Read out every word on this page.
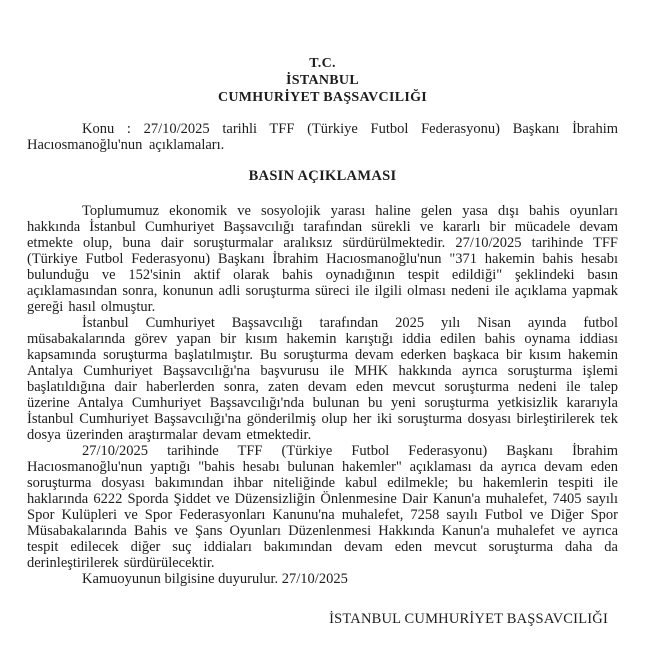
T.C.
İSTANBUL
CUMHURİYET BAŞSAVCILIĞI

Konu : 27/10/2025 tarihli TFF (Türkiye Futbol Federasyonu) Başkanı İbrahim Hacıosmanoğlu'nun açıklamaları.

BASIN AÇIKLAMASI

Toplumumuz ekonomik ve sosyolojik yarası haline gelen yasa dışı bahis oyunları hakkında İstanbul Cumhuriyet Başsavcılığı tarafından sürekli ve kararlı bir mücadele devam etmekte olup, buna dair soruşturmalar aralıksız sürdürülmektedir. 27/10/2025 tarihinde TFF (Türkiye Futbol Federasyonu) Başkanı İbrahim Hacıosmanoğlu'nun "371 hakemin bahis hesabı bulunduğu ve 152'sinin aktif olarak bahis oynadığının tespit edildiği" şeklindeki basın açıklamasından sonra, konunun adli soruşturma süreci ile ilgili olması nedeni ile açıklama yapmak gereği hasıl olmuştur.

İstanbul Cumhuriyet Başsavcılığı tarafından 2025 yılı Nisan ayında futbol müsabakalarında görev yapan bir kısım hakemin karıştığı iddia edilen bahis oynama iddiası kapsamında soruşturma başlatılmıştır. Bu soruşturma devam ederken başkaca bir kısım hakemin Antalya Cumhuriyet Başsavcılığı'na başvurusu ile MHK hakkında ayrıca soruşturma işlemi başlatıldığına dair haberlerden sonra, zaten devam eden mevcut soruşturma nedeni ile talep üzerine Antalya Cumhuriyet Başsavcılığı'nda bulunan bu yeni soruşturma yetkisizlik kararıyla İstanbul Cumhuriyet Başsavcılığı'na gönderilmiş olup her iki soruşturma dosyası birleştirilerek tek dosya üzerinden araştırmalar devam etmektedir.

27/10/2025 tarihinde TFF (Türkiye Futbol Federasyonu) Başkanı İbrahim Hacıosmanoğlu'nun yaptığı "bahis hesabı bulunan hakemler" açıklaması da ayrıca devam eden soruşturma dosyası bakımından ihbar niteliğinde kabul edilmekle; bu hakemlerin tespiti ile haklarında 6222 Sporda Şiddet ve Düzensizliğin Önlenmesine Dair Kanun'a muhalefet, 7405 sayılı Spor Kulüpleri ve Spor Federasyonları Kanunu'na muhalefet, 7258 sayılı Futbol ve Diğer Spor Müsabakalarında Bahis ve Şans Oyunları Düzenlenmesi Hakkında Kanun'a muhalefet ve ayrıca tespit edilecek diğer suç iddiaları bakımından devam eden mevcut soruşturma daha da derinleştirilerek sürdürülecektir.

Kamuoyunun bilgisine duyurulur. 27/10/2025

İSTANBUL CUMHURİYET BAŞSAVCILIĞI
